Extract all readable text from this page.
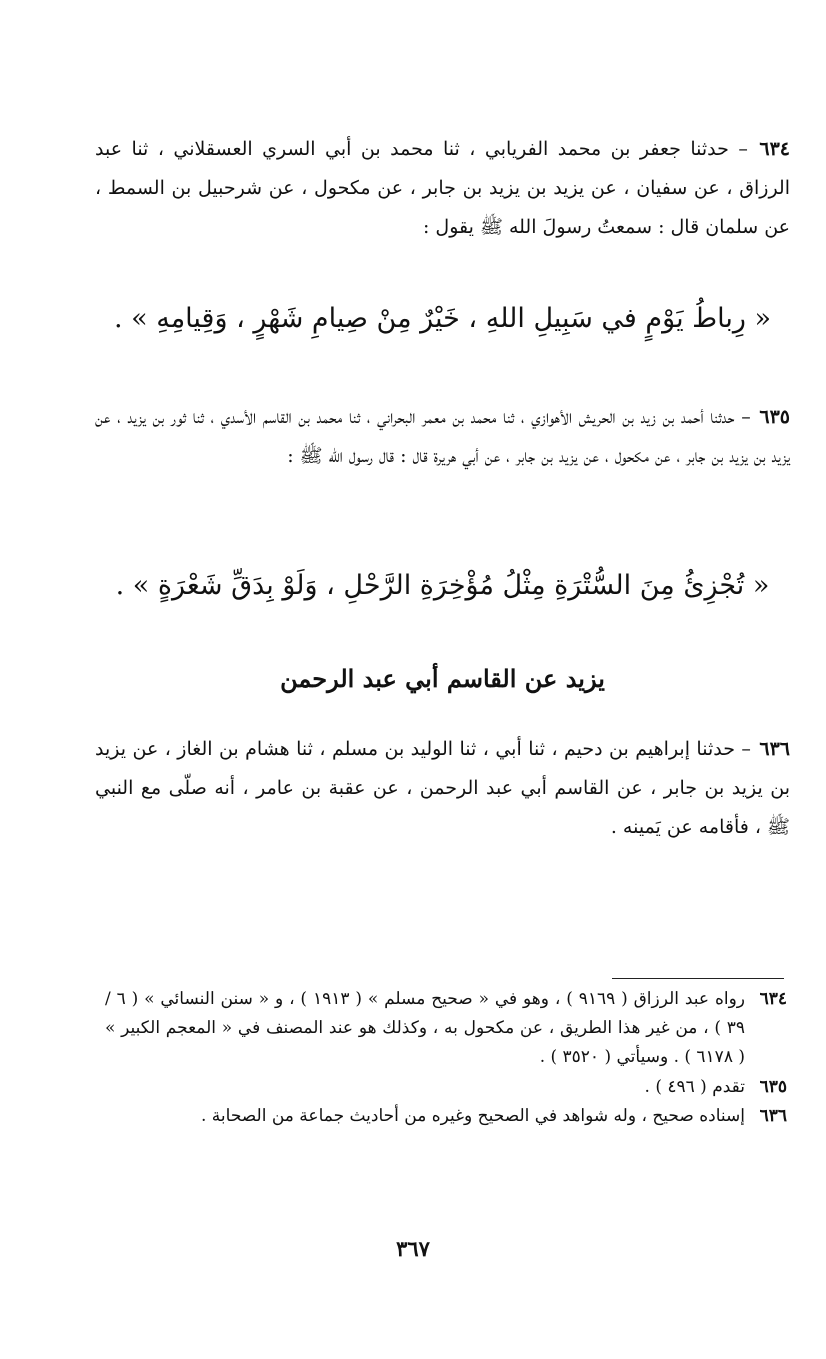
٦٣٤ – حدثنا جعفر بن محمد الفريابي ، ثنا محمد بن أبي السري العسقلاني ، ثنا عبد الرزاق ، عن سفيان ، عن يزيد بن يزيد بن جابر ، عن مكحول ، عن شرحبيل بن السمط ، عن سلمان قال : سمعتُ رسولَ الله ﷺ يقول :

« رِباطُ يَوْمٍ في سَبِيلِ اللهِ ، خَيْرٌ مِنْ صِيامِ شَهْرٍ ، وَقِيامِهِ » .

٦٣٥ – حدثنا أحمد بن زيد بن الحريش الأهوازي ، ثنا محمد بن معمر البحراني ، ثنا محمد بن القاسم الأسدي ، ثنا ثور بن يزيد ، عن يزيد بن يزيد بن جابر ، عن مكحول ، عن يزيد بن جابر ، عن أبي هريرة قال : قال رسول الله ﷺ :

« تُجْزِئُ مِنَ السُّتْرَةِ مِثْلُ مُؤْخِرَةِ الرَّحْلِ ، وَلَوْ بِدَقِّ شَعْرَةٍ » .

يزيد عن القاسم أبي عبد الرحمن

٦٣٦ – حدثنا إبراهيم بن دحيم ، ثنا أبي ، ثنا الوليد بن مسلم ، ثنا هشام بن الغاز ، عن يزيد بن يزيد بن جابر ، عن القاسم أبي عبد الرحمن ، عن عقبة بن عامر ، أنه صلّى مع النبي ﷺ ، فأقامه عن يَمينه .

٦٣٤
رواه عبد الرزاق ( ٩١٦٩ ) ، وهو في « صحيح مسلم » ( ١٩١٣ ) ، و « سنن النسائي » ( ٦ / ٣٩ ) ، من غير هذا الطريق ، عن مكحول به ، وكذلك هو عند المصنف في « المعجم الكبير » ( ٦١٧٨ ) . وسيأتي ( ٣٥٢٠ ) .
٦٣٥
تقدم ( ٤٩٦ ) .
٦٣٦
إسناده صحيح ، وله شواهد في الصحيح وغيره من أحاديث جماعة من الصحابة .
٣٦٧
